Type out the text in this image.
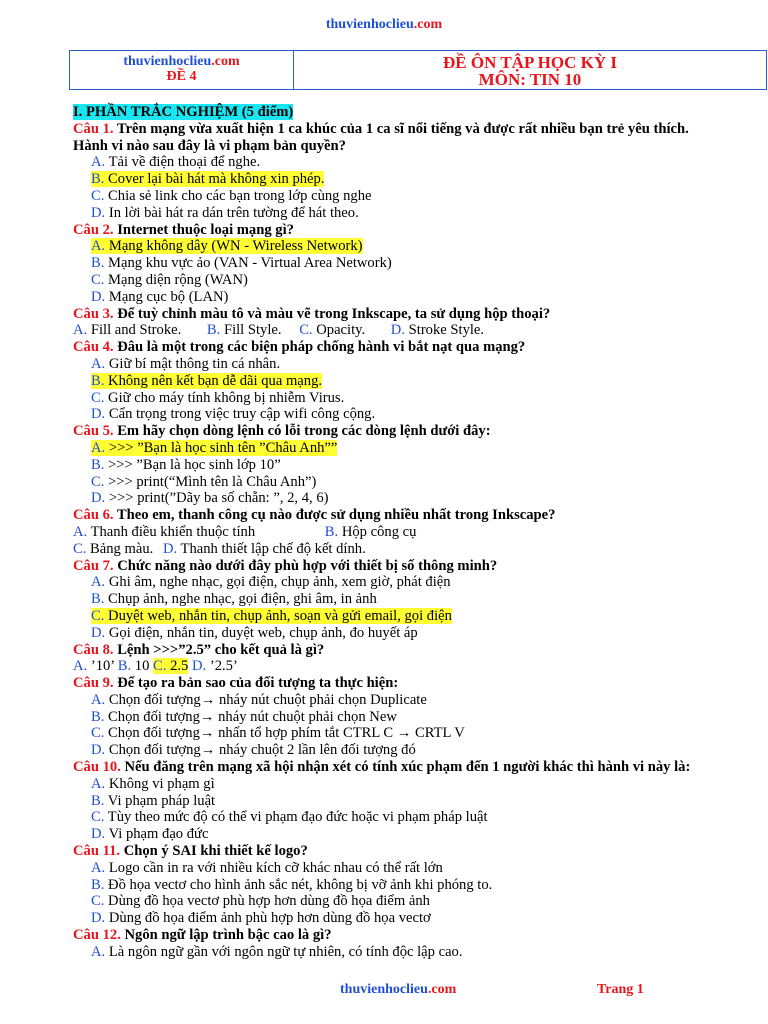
thuvienhoclieu.com
thuvienhoclieu.com
ĐỀ 4
ĐỀ ÔN TẬP HỌC KỲ I
MÔN: TIN 10
I. PHẦN TRẮC NGHIỆM (5 điểm)
Câu 1. Trên mạng vừa xuất hiện 1 ca khúc của 1 ca sĩ nổi tiếng và được rất nhiều bạn trẻ yêu thích.
Hành vi nào sau đây là vi phạm bản quyền?
A. Tải về điện thoại để nghe.
B. Cover lại bài hát mà không xin phép.
C. Chia sẻ link cho các bạn trong lớp cùng nghe
D. In lời bài hát ra dán trên tường để hát theo.
Câu 2. Internet thuộc loại mạng gì?
A. Mạng không dây (WN - Wireless Network)
B. Mạng khu vực ảo (VAN - Virtual Area Network)
C. Mạng diện rộng (WAN)
D. Mạng cục bộ (LAN)
Câu 3. Để tuỳ chỉnh màu tô và màu vẽ trong Inkscape, ta sử dụng hộp thoại?
A. Fill and Stroke. B. Fill Style. C. Opacity. D. Stroke Style.
Câu 4. Đâu là một trong các biện pháp chống hành vi bắt nạt qua mạng?
A. Giữ bí mật thông tin cá nhân.
B. Không nên kết bạn dễ dãi qua mạng.
C. Giữ cho máy tính không bị nhiễm Virus.
D. Cẩn trọng trong việc truy cập wifi công cộng.
Câu 5. Em hãy chọn dòng lệnh có lỗi trong các dòng lệnh dưới đây:
A. >>> ”Bạn là học sinh tên ”Châu Anh””
B. >>> ”Bạn là học sinh lớp 10”
C. >>> print(“Mình tên là Châu Anh”)
D. >>> print(”Dãy ba số chẵn: ”, 2, 4, 6)
Câu 6. Theo em, thanh công cụ nào được sử dụng nhiều nhất trong Inkscape?
A. Thanh điều khiển thuộc tính	B. Hộp công cụ
C. Bảng màu. D. Thanh thiết lập chế độ kết dính.
Câu 7. Chức năng nào dưới đây phù hợp với thiết bị số thông minh?
A. Ghi âm, nghe nhạc, gọi điện, chụp ảnh, xem giờ, phát điện
B. Chụp ảnh, nghe nhạc, gọi điện, ghi âm, in ảnh
C. Duyệt web, nhắn tin, chụp ảnh, soạn và gửi email, gọi điện
D. Gọi điện, nhắn tin, duyệt web, chụp ảnh, đo huyết áp
Câu 8. Lệnh >>>”2.5” cho kết quả là gì?
A. ’10’ B. 10 C. 2.5 D. ’2.5’
Câu 9. Để tạo ra bản sao của đối tượng ta thực hiện:
A. Chọn đối tượng→ nháy nút chuột phải chọn Duplicate
B. Chọn đối tượng→ nháy nút chuột phải chọn New
C. Chọn đối tượng→ nhấn tổ hợp phím tắt CTRL C → CRTL V
D. Chọn đối tượng→ nháy chuột 2 lần lên đối tượng đó
Câu 10. Nếu đăng trên mạng xã hội nhận xét có tính xúc phạm đến 1 người khác thì hành vi này là:
A. Không vi phạm gì
B. Vi phạm pháp luật
C. Tùy theo mức độ có thể vi phạm đạo đức hoặc vi phạm pháp luật
D. Vi phạm đạo đức
Câu 11. Chọn ý SAI khi thiết kế logo?
A. Logo cần in ra với nhiều kích cỡ khác nhau có thể rất lớn
B. Đồ họa vectơ cho hình ảnh sắc nét, không bị vỡ ảnh khi phóng to.
C. Dùng đồ họa vectơ phù hợp hơn dùng đồ họa điểm ảnh
D. Dùng đồ họa điểm ảnh phù hợp hơn dùng đồ họa vectơ
Câu 12. Ngôn ngữ lập trình bậc cao là gì?
A. Là ngôn ngữ gần với ngôn ngữ tự nhiên, có tính độc lập cao.
thuvienhoclieu.com	Trang 1
